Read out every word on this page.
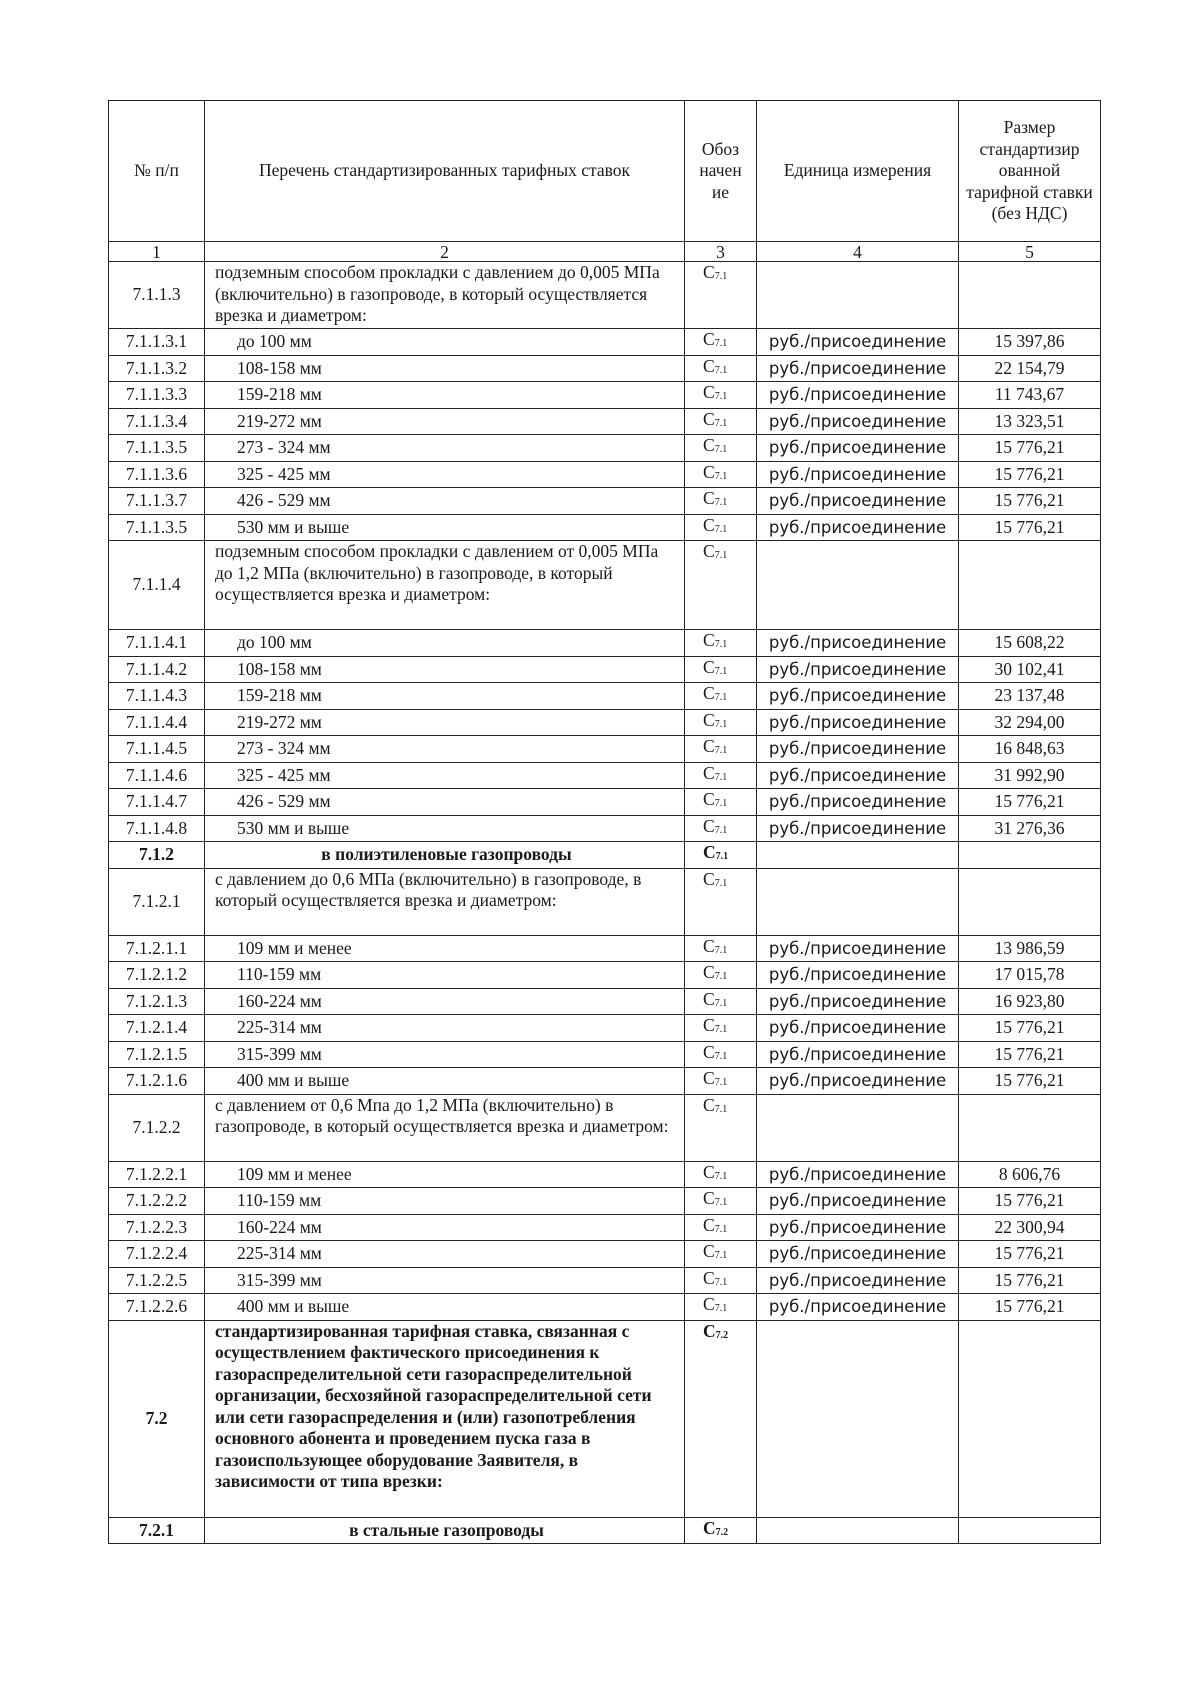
№ п/п	Перечень стандартизированных тарифных ставок	Обоз начен ие	Единица измерения	Размер стандартизир ованной тарифной ставки (без НДС)
1	2	3	4	5
7.1.1.3	подземным способом прокладки с давлением до 0,005 МПа (включительно) в газопроводе, в который осуществляется врезка и диаметром:	$C_{7.1}$		
7.1.1.3.1	до 100 мм	$C_{7.1}$	руб./присоединение	15 397,86
7.1.1.3.2	108-158 мм	$C_{7.1}$	руб./присоединение	22 154,79
7.1.1.3.3	159-218 мм	$C_{7.1}$	руб./присоединение	11 743,67
7.1.1.3.4	219-272 мм	$C_{7.1}$	руб./присоединение	13 323,51
7.1.1.3.5	273 - 324 мм	$C_{7.1}$	руб./присоединение	15 776,21
7.1.1.3.6	325 - 425 мм	$C_{7.1}$	руб./присоединение	15 776,21
7.1.1.3.7	426 - 529 мм	$C_{7.1}$	руб./присоединение	15 776,21
7.1.1.3.5	530 мм и выше	$C_{7.1}$	руб./присоединение	15 776,21
7.1.1.4	подземным способом прокладки с давлением от 0,005 МПа до 1,2 МПа (включительно) в газопроводе, в который осуществляется врезка и диаметром:	$C_{7.1}$		
7.1.1.4.1	до 100 мм	$C_{7.1}$	руб./присоединение	15 608,22
7.1.1.4.2	108-158 мм	$C_{7.1}$	руб./присоединение	30 102,41
7.1.1.4.3	159-218 мм	$C_{7.1}$	руб./присоединение	23 137,48
7.1.1.4.4	219-272 мм	$C_{7.1}$	руб./присоединение	32 294,00
7.1.1.4.5	273 - 324 мм	$C_{7.1}$	руб./присоединение	16 848,63
7.1.1.4.6	325 - 425 мм	$C_{7.1}$	руб./присоединение	31 992,90
7.1.1.4.7	426 - 529 мм	$C_{7.1}$	руб./присоединение	15 776,21
7.1.1.4.8	530 мм и выше	$C_{7.1}$	руб./присоединение	31 276,36
7.1.2	в полиэтиленовые газопроводы	$C_{7.1}$		
7.1.2.1	с давлением до 0,6 МПа (включительно) в газопроводе, в который осуществляется врезка и диаметром:	$C_{7.1}$		
7.1.2.1.1	109 мм и менее	$C_{7.1}$	руб./присоединение	13 986,59
7.1.2.1.2	110-159 мм	$C_{7.1}$	руб./присоединение	17 015,78
7.1.2.1.3	160-224 мм	$C_{7.1}$	руб./присоединение	16 923,80
7.1.2.1.4	225-314 мм	$C_{7.1}$	руб./присоединение	15 776,21
7.1.2.1.5	315-399 мм	$C_{7.1}$	руб./присоединение	15 776,21
7.1.2.1.6	400 мм и выше	$C_{7.1}$	руб./присоединение	15 776,21
7.1.2.2	с давлением от 0,6 Мпа до 1,2 МПа (включительно) в газопроводе, в который осуществляется врезка и диаметром:	$C_{7.1}$		
7.1.2.2.1	109 мм и менее	$C_{7.1}$	руб./присоединение	8 606,76
7.1.2.2.2	110-159 мм	$C_{7.1}$	руб./присоединение	15 776,21
7.1.2.2.3	160-224 мм	$C_{7.1}$	руб./присоединение	22 300,94
7.1.2.2.4	225-314 мм	$C_{7.1}$	руб./присоединение	15 776,21
7.1.2.2.5	315-399 мм	$C_{7.1}$	руб./присоединение	15 776,21
7.1.2.2.6	400 мм и выше	$C_{7.1}$	руб./присоединение	15 776,21
7.2	стандартизированная тарифная ставка, связанная с осуществлением фактического присоединения к газораспределительной сети газораспределительной организации, бесхозяйной газораспределительной сети или сети газораспределения и (или) газопотребления основного абонента и проведением пуска газа в газоиспользующее оборудование Заявителя, в зависимости от типа врезки:	$C_{7.2}$		
7.2.1	в стальные газопроводы	$C_{7.2}$		
